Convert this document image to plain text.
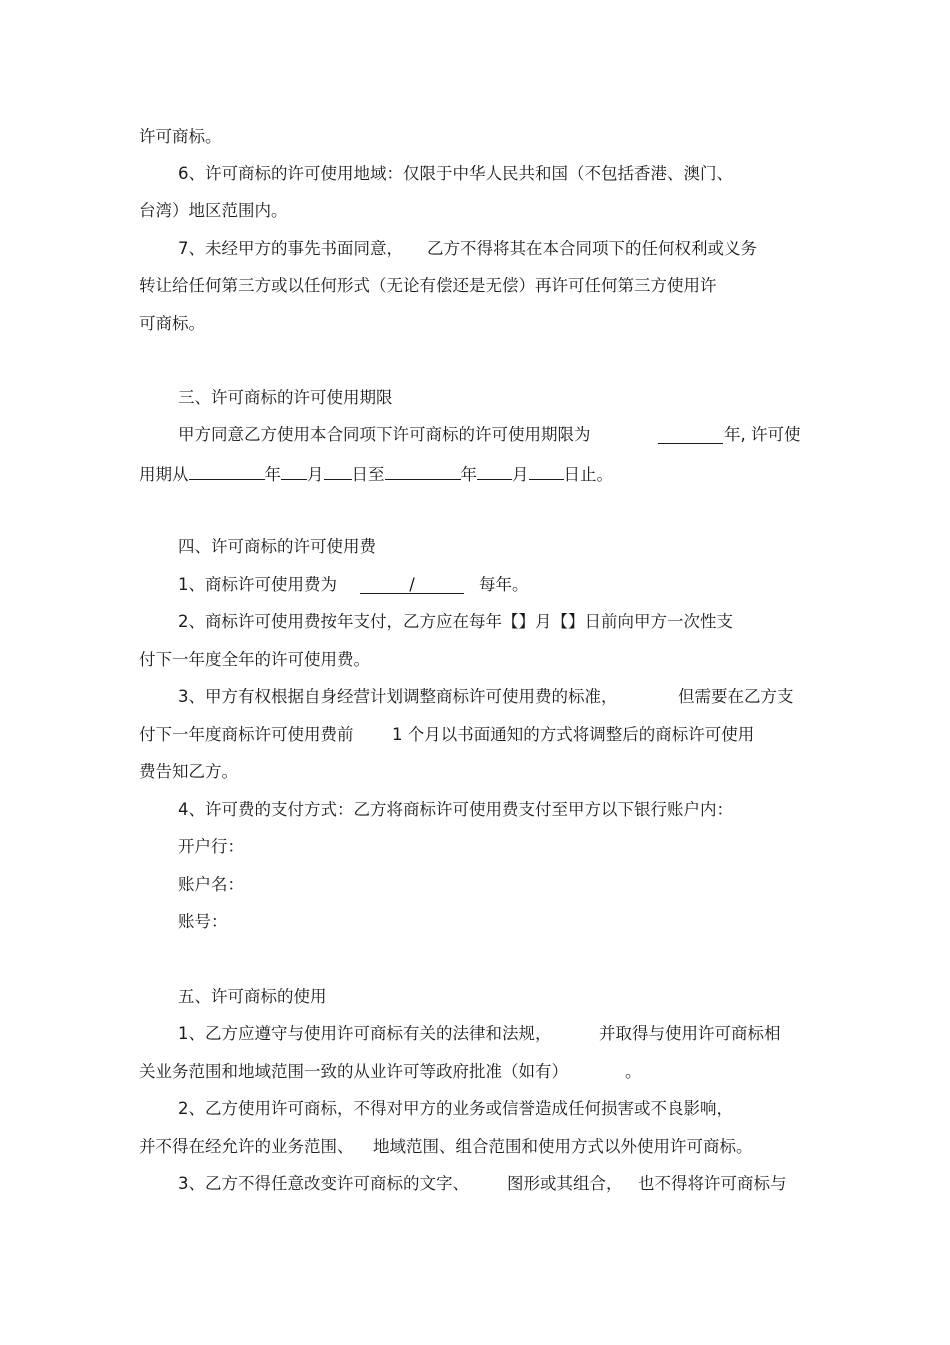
许可商标。
6、许可商标的许可使用地域：仅限于中华人民共和国（不包括香港、澳门、
台湾）地区范围内。
7、未经甲方的事先书面同意， 乙方不得将其在本合同项下的任何权利或义务
转让给任何第三方或以任何形式（无论有偿还是无偿）再许可任何第三方使用许
可商标。
三、许可商标的许可使用期限
甲方同意乙方使用本合同项下许可商标的许可使用期限为	年, 许可使
用期从	年 月 日至	年 月 日止。
四、许可商标的许可使用费
1、商标许可使用费为	/	每年。
2、商标许可使用费按年支付，乙方应在每年【】月【】日前向甲方一次性支
付下一年度全年的许可使用费。
3、甲方有权根据自身经营计划调整商标许可使用费的标准，	但需要在乙方支
付下一年度商标许可使用费前 1 个月以书面通知的方式将调整后的商标许可使用
费告知乙方。
4、许可费的支付方式：乙方将商标许可使用费支付至甲方以下银行账户内：
开户行：
账户名：
账号：
五、许可商标的使用
1、乙方应遵守与使用许可商标有关的法律和法规，	并取得与使用许可商标相
关业务范围和地域范围一致的从业许可等政府批准（如有）	。
2、乙方使用许可商标，不得对甲方的业务或信誉造成任何损害或不良影响，
并不得在经允许的业务范围、 地域范围、组合范围和使用方式以外使用许可商标。
3、乙方不得任意改变许可商标的文字、 图形或其组合， 也不得将许可商标与
